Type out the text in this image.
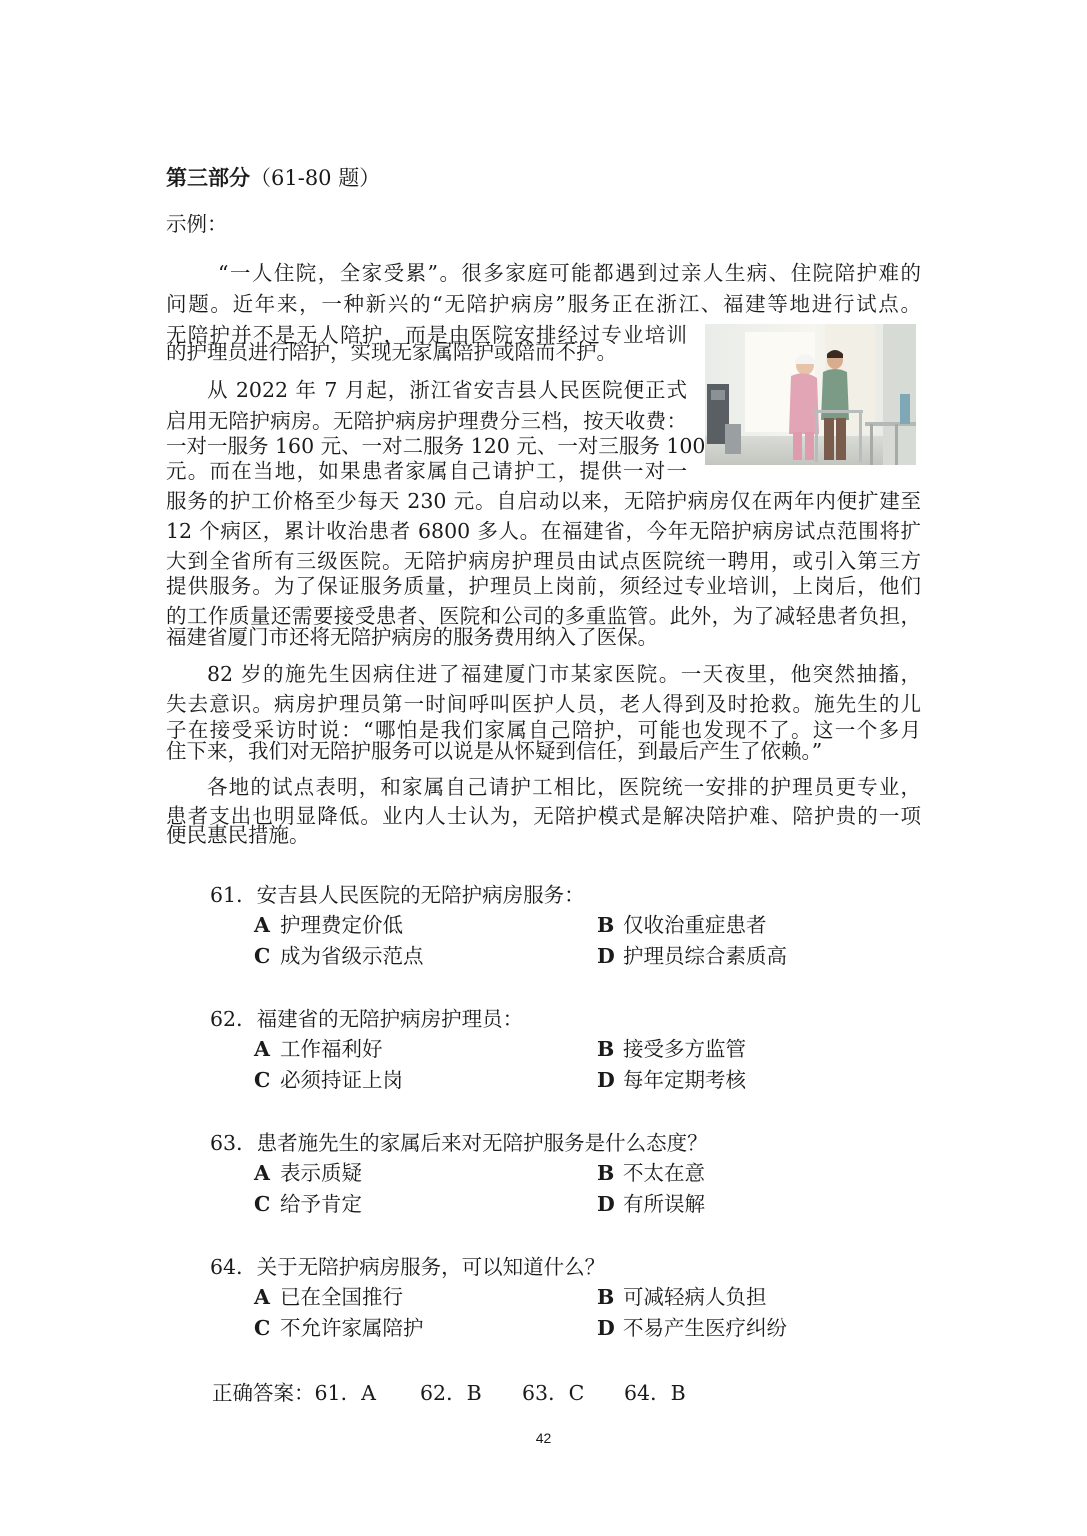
第三部分（61-80 题）
示例：
“一人住院，全家受累”。很多家庭可能都遇到过亲人生病、住院陪护难的
问题。近年来，一种新兴的“无陪护病房”服务正在浙江、福建等地进行试点。
无陪护并不是无人陪护，而是由医院安排经过专业培训
的护理员进行陪护，实现无家属陪护或陪而不护。
从 2022 年 7 月起，浙江省安吉县人民医院便正式
启用无陪护病房。无陪护病房护理费分三档，按天收费：
一对一服务 160 元、一对二服务 120 元、一对三服务 100
元。而在当地，如果患者家属自己请护工，提供一对一
服务的护工价格至少每天 230 元。自启动以来，无陪护病房仅在两年内便扩建至
12 个病区，累计收治患者 6800 多人。在福建省，今年无陪护病房试点范围将扩
大到全省所有三级医院。无陪护病房护理员由试点医院统一聘用，或引入第三方
提供服务。为了保证服务质量，护理员上岗前，须经过专业培训，上岗后，他们
的工作质量还需要接受患者、医院和公司的多重监管。此外，为了减轻患者负担，
福建省厦门市还将无陪护病房的服务费用纳入了医保。
82 岁的施先生因病住进了福建厦门市某家医院。一天夜里，他突然抽搐，
失去意识。病房护理员第一时间呼叫医护人员，老人得到及时抢救。施先生的儿
子在接受采访时说：“哪怕是我们家属自己陪护，可能也发现不了。这一个多月
住下来，我们对无陪护服务可以说是从怀疑到信任，到最后产生了依赖。”
各地的试点表明，和家属自己请护工相比，医院统一安排的护理员更专业，
患者支出也明显降低。业内人士认为，无陪护模式是解决陪护难、陪护贵的一项
便民惠民措施。
61．安吉县人民医院的无陪护病房服务：
A 护理费定价低	B 仅收治重症患者
C 成为省级示范点	D 护理员综合素质高
62．福建省的无陪护病房护理员：
A 工作福利好	B 接受多方监管
C 必须持证上岗	D 每年定期考核
63．患者施先生的家属后来对无陪护服务是什么态度？
A 表示质疑	B 不太在意
C 给予肯定	D 有所误解
64．关于无陪护病房服务，可以知道什么？
A 已在全国推行	B 可减轻病人负担
C 不允许家属陪护	D 不易产生医疗纠纷
正确答案：61．A 62．B 63．C 64．B
42
